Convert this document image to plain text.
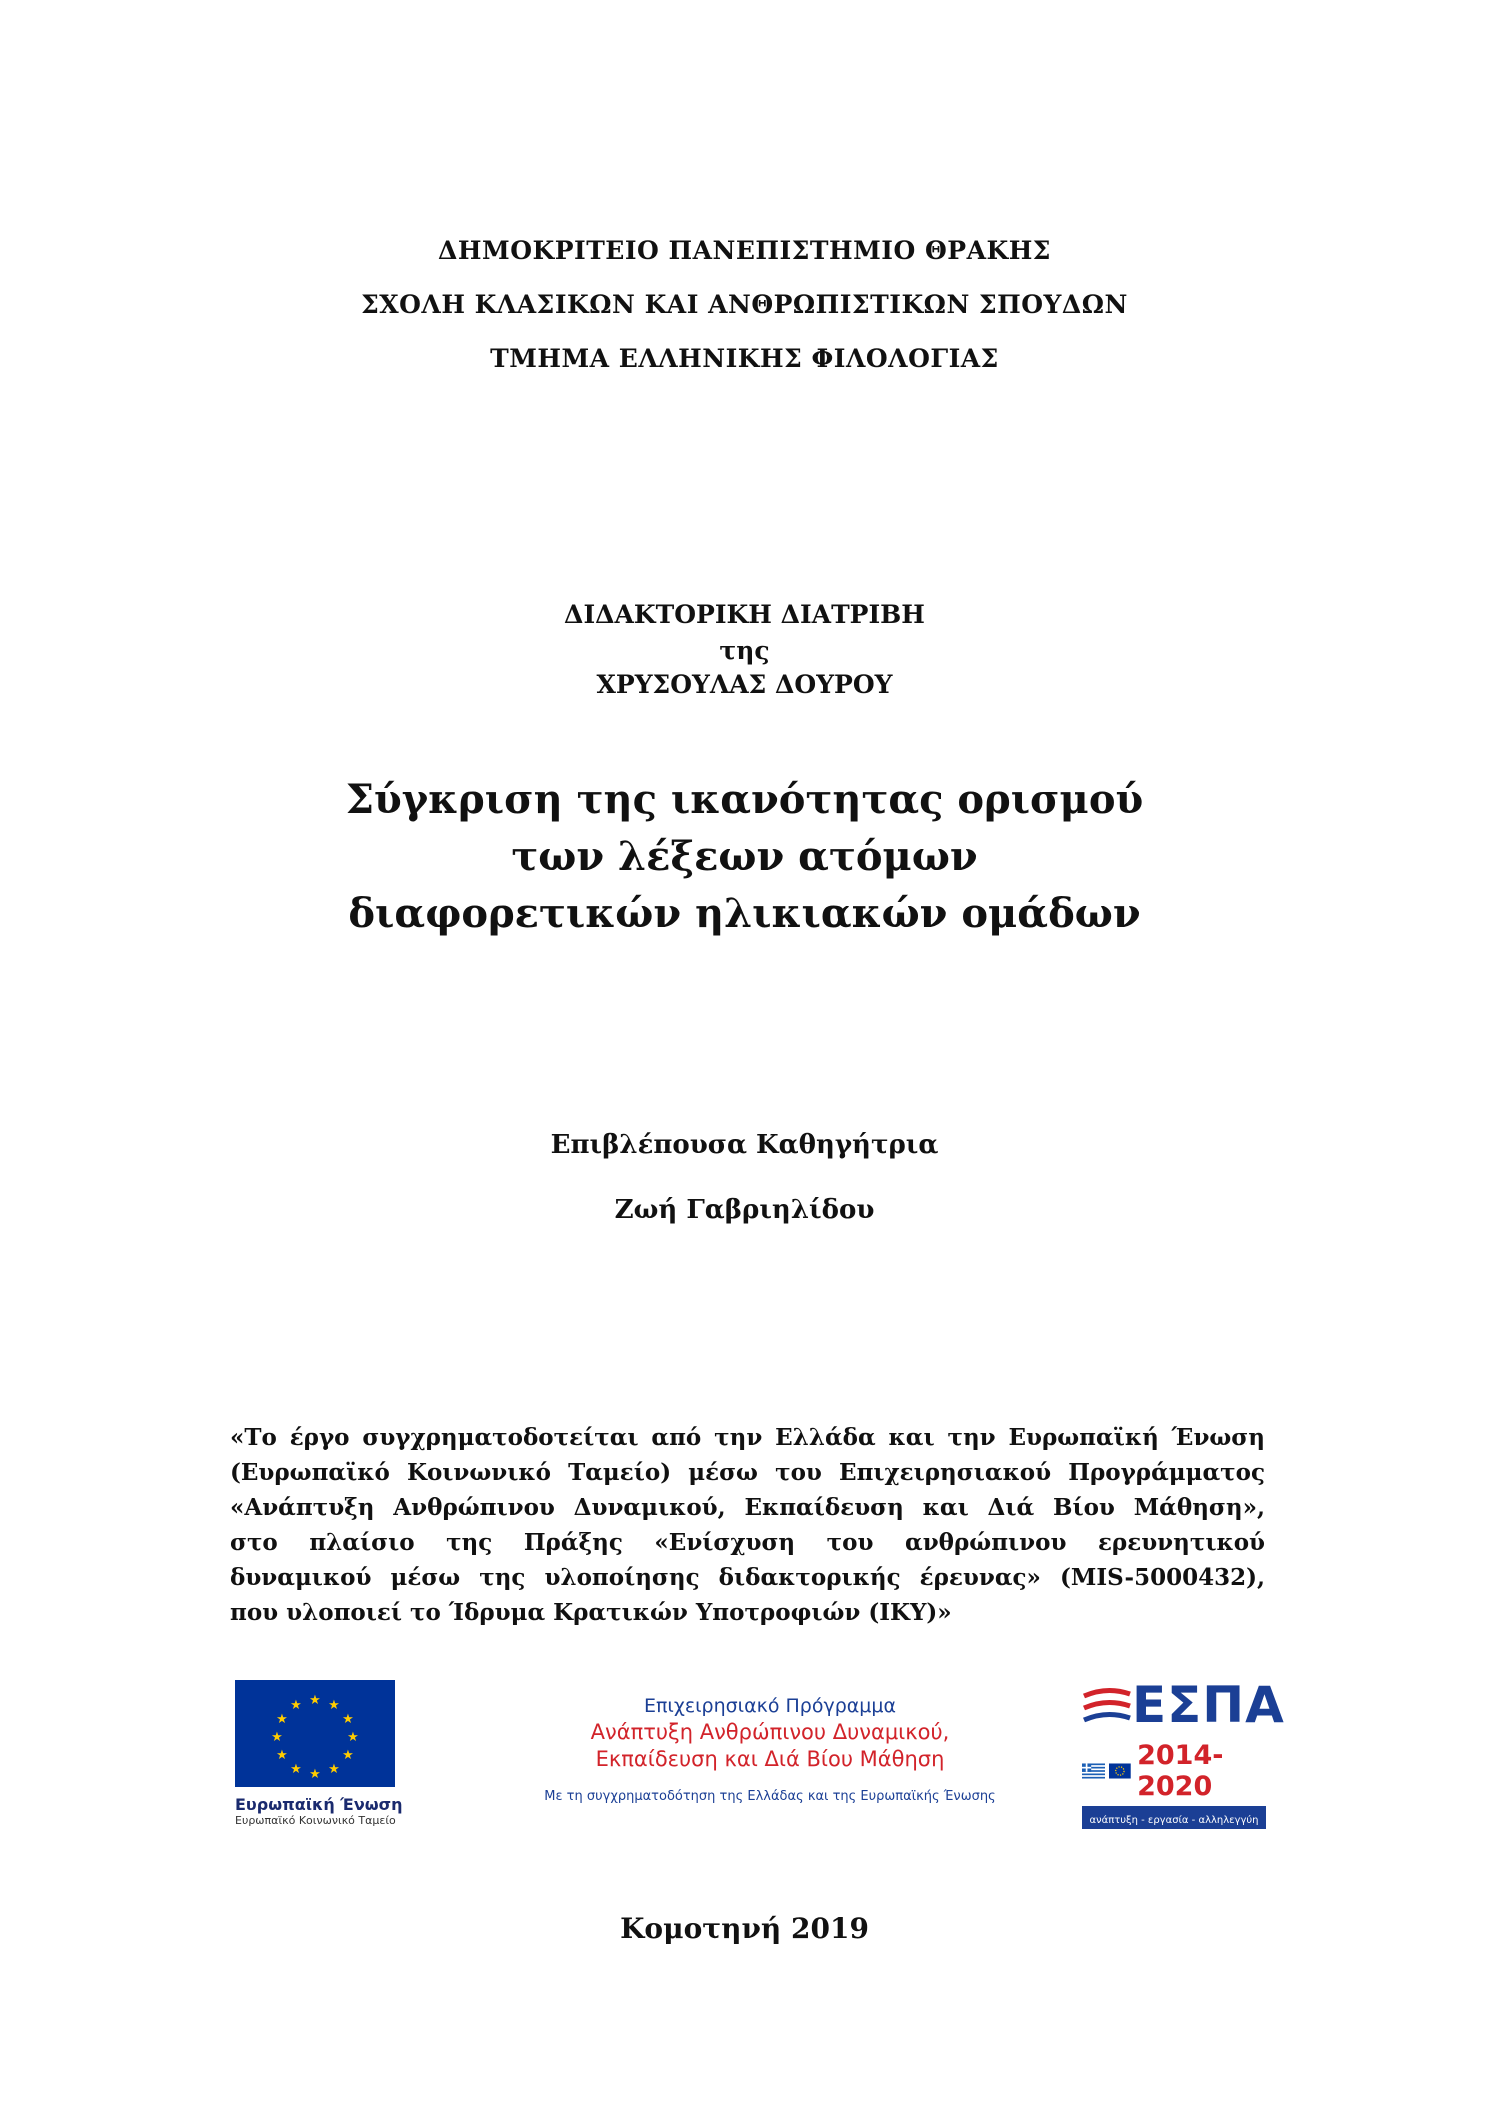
ΔΗΜΟΚΡΙΤΕΙΟ ΠΑΝΕΠΙΣΤΗΜΙΟ ΘΡΑΚΗΣ
ΣΧΟΛΗ ΚΛΑΣΙΚΩΝ ΚΑΙ ΑΝΘΡΩΠΙΣΤΙΚΩΝ ΣΠΟΥΔΩΝ
ΤΜΗΜΑ ΕΛΛΗΝΙΚΗΣ ΦΙΛΟΛΟΓΙΑΣ
ΔΙΔΑΚΤΟΡΙΚΗ ΔΙΑΤΡΙΒΗ
της
ΧΡΥΣΟΥΛΑΣ ΔΟΥΡΟΥ
Σύγκριση της ικανότητας ορισμού
των λέξεων ατόμων
διαφορετικών ηλικιακών ομάδων
Επιβλέπουσα Καθηγήτρια
Ζωή Γαβριηλίδου
«Το έργο συγχρηματοδοτείται από την Ελλάδα και την Ευρωπαϊκή Ένωση
(Ευρωπαϊκό Κοινωνικό Ταμείο) μέσω του Επιχειρησιακού Προγράμματος
«Ανάπτυξη Ανθρώπινου Δυναμικού, Εκπαίδευση και Διά Βίου Μάθηση»,
στο πλαίσιο της Πράξης «Ενίσχυση του ανθρώπινου ερευνητικού
δυναμικού μέσω της υλοποίησης διδακτορικής έρευνας» (MIS-5000432),
που υλοποιεί το Ίδρυμα Κρατικών Υποτροφιών (ΙΚΥ)»
★ ★
★
★
★
★
★
★
★
★
★
★
Ευρωπαϊκή Ένωση
Ευρωπαϊκό Κοινωνικό Ταμείο
Επιχειρησιακό Πρόγραμμα
Ανάπτυξη Ανθρώπινου Δυναμικού,
Εκπαίδευση και Διά Βίου Μάθηση
Με τη συγχρηματοδότηση της Ελλάδας και της Ευρωπαϊκής Ένωσης
ΕΣΠΑ
2014-2020
ανάπτυξη - εργασία - αλληλεγγύη
Κομοτηνή 2019
